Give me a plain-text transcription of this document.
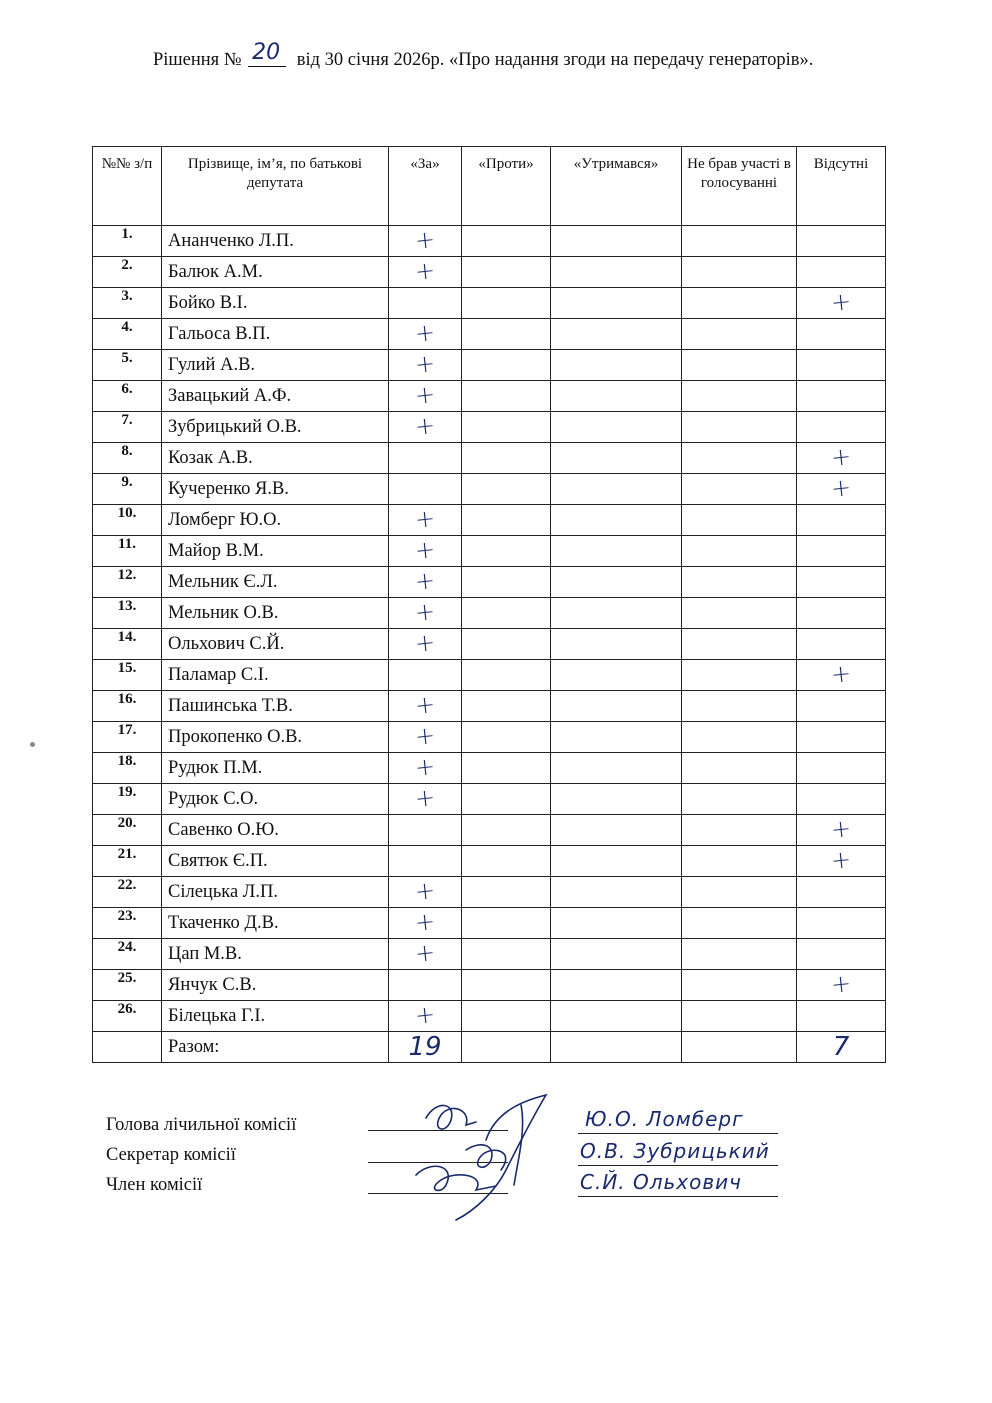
Рішення № 20 від 30 січня 2026р. «Про надання згоди на передачу генераторів».
№№ з/п	Прізвище, ім’я, по батькові депутата	«За»	«Проти»	«Утримався»	Не брав участі в голосуванні	Відсутні
1.	Ананченко Л.П.	+				
2.	Балюк А.М.	+				
3.	Бойко В.І.					+
4.	Гальоса В.П.	+				
5.	Гулий А.В.	+				
6.	Завацький А.Ф.	+				
7.	Зубрицький О.В.	+				
8.	Козак А.В.					+
9.	Кучеренко Я.В.					+
10.	Ломберг Ю.О.	+				
11.	Майор В.М.	+				
12.	Мельник Є.Л.	+				
13.	Мельник О.В.	+				
14.	Ольхович С.Й.	+				
15.	Паламар С.І.					+
16.	Пашинська Т.В.	+				
17.	Прокопенко О.В.	+				
18.	Рудюк П.М.	+				
19.	Рудюк С.О.	+				
20.	Савенко О.Ю.					+
21.	Святюк Є.П.					+
22.	Сілецька Л.П.	+				
23.	Ткаченко Д.В.	+				
24.	Цап М.В.	+				
25.	Янчук С.В.					+
26.	Білецька Г.І.	+				
	Разом:	19				7
Голова лічильної комісії
Секретар комісії
Член комісії
Ю.О. Ломберг
О.В. Зубрицький
С.Й. Ольхович
